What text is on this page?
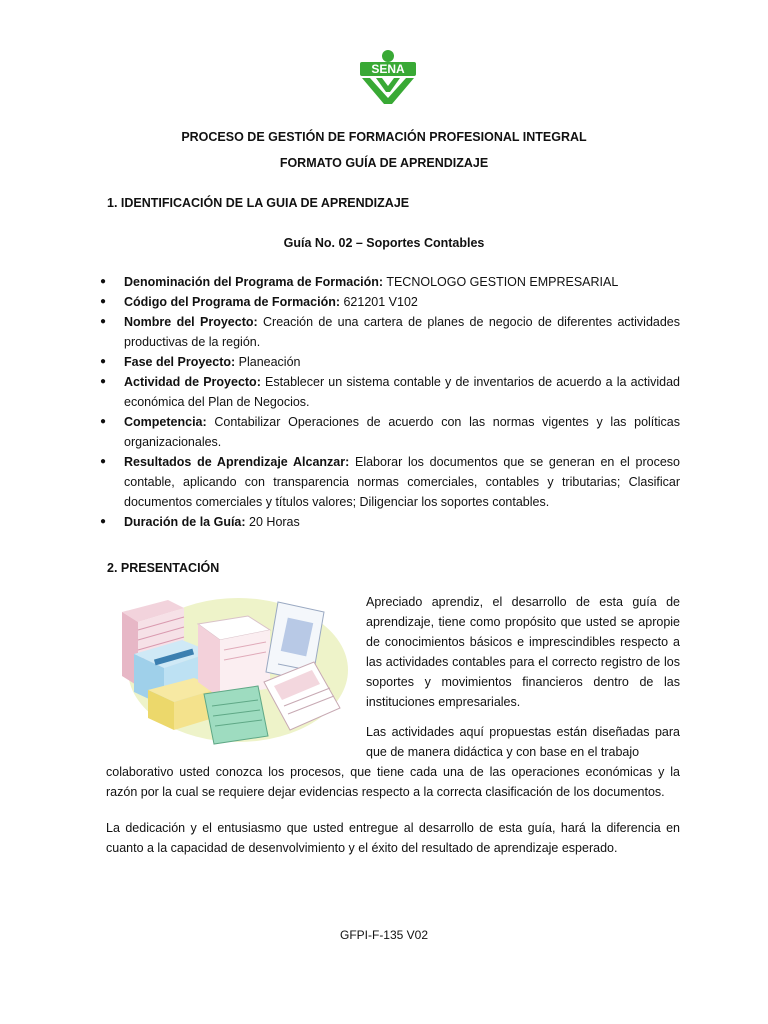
SENA
PROCESO DE GESTIÓN DE FORMACIÓN PROFESIONAL INTEGRAL
FORMATO GUÍA DE APRENDIZAJE
1. IDENTIFICACIÓN DE LA GUIA DE APRENDIZAJE
Guía No. 02 – Soportes Contables
● Denominación del Programa de Formación: TECNOLOGO GESTION EMPRESARIAL
● Código del Programa de Formación: 621201 V102
● Nombre del Proyecto: Creación de una cartera de planes de negocio de diferentes actividades productivas de la región.
● Fase del Proyecto: Planeación
● Actividad de Proyecto: Establecer un sistema contable y de inventarios de acuerdo a la actividad económica del Plan de Negocios.
● Competencia: Contabilizar Operaciones de acuerdo con las normas vigentes y las políticas organizacionales.
● Resultados de Aprendizaje Alcanzar: Elaborar los documentos que se generan en el proceso contable, aplicando con transparencia normas comerciales, contables y tributarias; Clasificar documentos comerciales y títulos valores; Diligenciar los soportes contables.
● Duración de la Guía: 20 Horas
2. PRESENTACIÓN
Apreciado aprendiz, el desarrollo de esta guía de aprendizaje, tiene como propósito que usted se apropie de conocimientos básicos e imprescindibles respecto a las actividades contables para el correcto registro de los soportes y movimientos financieros dentro de las instituciones empresariales.
Las actividades aquí propuestas están diseñadas para que de manera didáctica y con base en el trabajo
colaborativo usted conozca los procesos, que tiene cada una de las operaciones económicas y la razón por la cual se requiere dejar evidencias respecto a la correcta clasificación de los documentos.
La dedicación y el entusiasmo que usted entregue al desarrollo de esta guía, hará la diferencia en cuanto a la capacidad de desenvolvimiento y el éxito del resultado de aprendizaje esperado.
GFPI-F-135 V02
